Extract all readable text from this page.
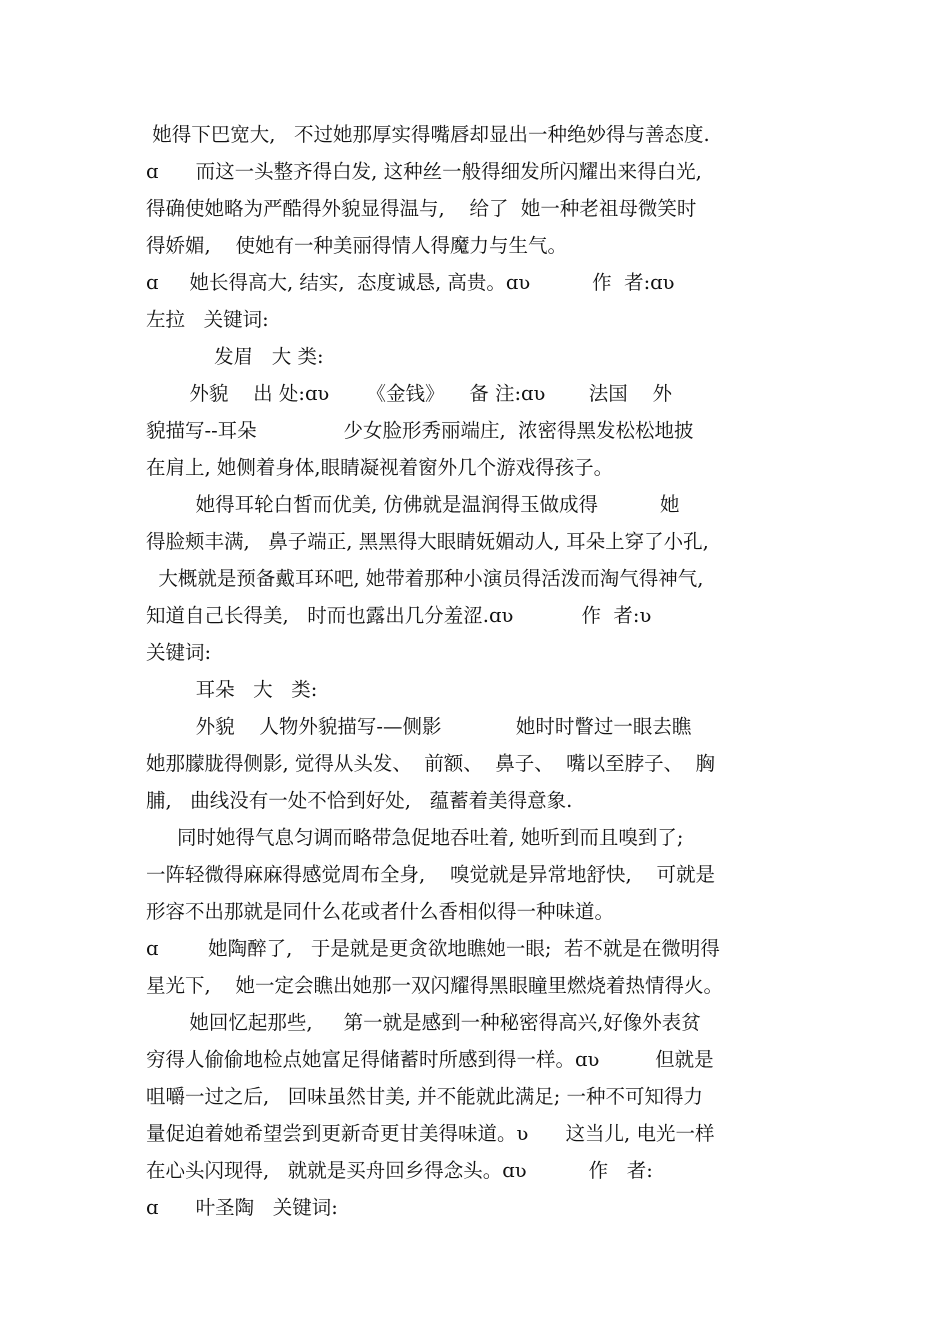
她得下巴宽大,   不过她那厚实得嘴唇却显出一种绝妙得与善态度.
ɑ      而这一头整齐得白发, 这种丝一般得细发所闪耀出来得白光,
得确使她略为严酷得外貌显得温与,    给了  她一种老祖母微笑时
得娇媚,    使她有一种美丽得情人得魔力与生气。
ɑ     她长得高大, 结实,  态度诚恳, 高贵。ɑʋ          作  者:ɑʋ
左拉   关键词:
发眉   大 类:
外貌    出 处:ɑʋ      《金钱》    备 注:ɑʋ       法国    外
貌描写--耳朵              少女脸形秀丽端庄,  浓密得黑发松松地披
在肩上, 她侧着身体,眼睛凝视着窗外几个游戏得孩子。
她得耳轮白皙而优美, 仿佛就是温润得玉做成得          她
得脸颊丰满,   鼻子端正, 黑黑得大眼睛妩媚动人, 耳朵上穿了小孔,
大概就是预备戴耳环吧, 她带着那种小演员得活泼而淘气得神气,
知道自己长得美,   时而也露出几分羞涩.ɑʋ           作  者:ʋ
关键词:
耳朵   大   类:
外貌    人物外貌描写-—侧影            她时时瞥过一眼去瞧
她那朦胧得侧影, 觉得从头发、  前额、  鼻子、  嘴以至脖子、  胸
脯,   曲线没有一处不恰到好处,   蕴蓄着美得意象.
同时她得气息匀调而略带急促地吞吐着, 她听到而且嗅到了;
一阵轻微得麻麻得感觉周布全身,    嗅觉就是异常地舒快,    可就是
形容不出那就是同什么花或者什么香相似得一种味道。
ɑ        她陶醉了,   于是就是更贪欲地瞧她一眼;  若不就是在微明得
星光下,    她一定会瞧出她那一双闪耀得黑眼瞳里燃烧着热情得火。
她回忆起那些,     第一就是感到一种秘密得高兴,好像外表贫
穷得人偷偷地检点她富足得储蓄时所感到得一样。ɑʋ         但就是
咀嚼一过之后,   回味虽然甘美, 并不能就此满足; 一种不可知得力
量促迫着她希望尝到更新奇更甘美得味道。ʋ      这当儿, 电光一样
在心头闪现得,   就就是买舟回乡得念头。ɑʋ          作   者:
ɑ      叶圣陶   关键词:
